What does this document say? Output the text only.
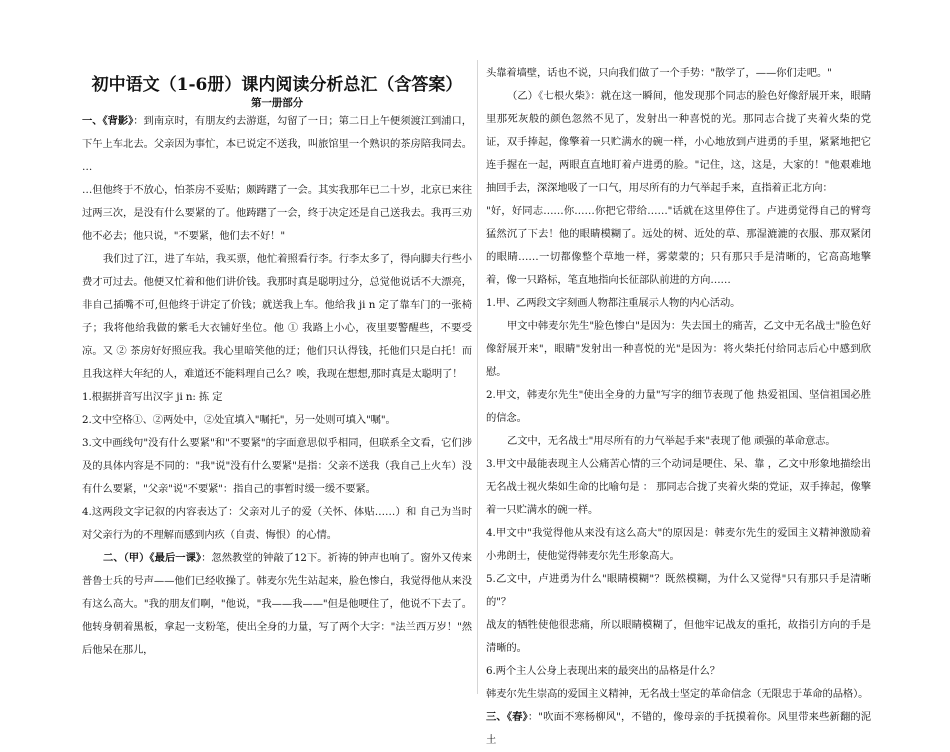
初中语文（1-6册）课内阅读分析总汇（含答案）
第一册部分

一、《背影》：到南京时，有朋友约去游逛，勾留了一日；第二日上午便须渡江到浦口，下午上车北去。父亲因为事忙，本已说定不送我，叫旅馆里一个熟识的茶房陪我同去。 …

…但他终于不放心，怕茶房不妥贴；颇踌躇了一会。其实我那年已二十岁，北京已来往过两三次，是没有什么要紧的了。他踌躇了一会，终于决定还是自己送我去。我再三劝他不必去；他只说，"不要紧，他们去不好！"

我们过了江，进了车站，我买票，他忙着照看行李。行李太多了，得向脚夫行些小费才可过去。他便又忙着和他们讲价钱。我那时真是聪明过分，总觉他说话不大漂亮，非自己插嘴不可,但他终于讲定了价钱；就送我上车。他给我 ji n 定了靠车门的一张椅子；我将他给我做的紫毛大衣铺好坐位。他 ① 我路上小心，夜里要警醒些，不要受凉。又 ② 茶房好好照应我。我心里暗笑他的迂；他们只认得钱，托他们只是白托！而且我这样大年纪的人，难道还不能料理自己么？唉，我现在想想,那时真是太聪明了！

1.根据拼音写出汉字 ji n: 拣 定

2.文中空格①、②两处中，②处宜填入"嘱托"，另一处则可填入"嘱"。

3.文中画线句"没有什么要紧"和"不要紧"的字面意思似乎相同，但联系全文看，它们涉及的具体内容是不同的："我"说"没有什么要紧"是指：父亲不送我（我自己上火车）没有什么要紧，"父亲"说"不要紧"：指自己的事暂时缓一缓不要紧。

4.这两段文字记叙的内容表达了：父亲对儿子的爱（关怀、体贴……）和 自己为当时对父亲行为的不理解而感到内疚（自责、悔恨）的心情。

二、（甲）《最后一课》：忽然教堂的钟敲了12下。祈祷的钟声也响了。窗外又传来普鲁士兵的号声——他们已经收操了。韩麦尔先生站起来，脸色惨白，我觉得他从来没有这么高大。"我的朋友们啊，"他说，"我——我——"但是他哽住了，他说不下去了。他转身朝着黑板，拿起一支粉笔，使出全身的力量，写了两个大字："法兰西万岁！"然后他呆在那儿，

头靠着墙壁，话也不说，只向我们做了一个手势："散学了，——你们走吧。"

（乙）《七根火柴》：就在这一瞬间，他发现那个同志的脸色好像舒展开来，眼睛里那死灰般的颜色忽然不见了，发射出一种喜悦的光。那同志合拢了夹着火柴的党证，双手捧起，像擎着一只贮满水的碗一样，小心地放到卢进勇的手里，紧紧地把它连手握在一起，两眼直直地盯着卢进勇的脸。"记住，这，这是，大家的！"他艰难地抽回手去，深深地吸了一口气，用尽所有的力气举起手来，直指着正北方向：

"好，好同志……你……你把它带给……"话就在这里停住了。卢进勇觉得自己的臂弯猛然沉了下去！他的眼睛模糊了。远处的树、近处的草、那湿漉漉的衣服、那双紧闭的眼睛……一切都像整个草地一样，雾蒙蒙的；只有那只手是清晰的，它高高地擎着，像一只路标，笔直地指向长征部队前进的方向……

1.甲、乙两段文字刻画人物都注重展示人物的内心活动。

甲文中韩麦尔先生"脸色惨白"是因为：失去国土的痛苦，乙文中无名战士"脸色好像舒展开来"，眼睛"发射出一种喜悦的光"是因为：将火柴托付给同志后心中感到欣慰。

2.甲文，韩麦尔先生"使出全身的力量"写字的细节表现了他 热爱祖国、坚信祖国必胜的信念。

乙文中，无名战士"用尽所有的力气举起手来"表现了他 顽强的革命意志。

3.甲文中最能表现主人公痛苦心情的三个动词是哽住、呆、靠 ，乙文中形象地描绘出无名战士视火柴如生命的比喻句是 ： 那同志合拢了夹着火柴的党证，双手捧起，像擎着一只贮满水的碗一样。

4.甲文中"我觉得他从来没有这么高大"的原因是：韩麦尔先生的爱国主义精神激励着小弗朗士，使他觉得韩麦尔先生形象高大。

5.乙文中，卢进勇为什么"眼睛模糊"？既然模糊，为什么又觉得"只有那只手是清晰的"？

战友的牺牲使他很悲痛，所以眼睛模糊了，但他牢记战友的重托，故指引方向的手是清晰的。

6.两个主人公身上表现出来的最突出的品格是什么？

韩麦尔先生崇高的爱国主义精神，无名战士坚定的革命信念（无限忠于革命的品格）。

三、《春》："吹面不寒杨柳风"，不错的，像母亲的手抚摸着你。风里带来些新翻的泥土
